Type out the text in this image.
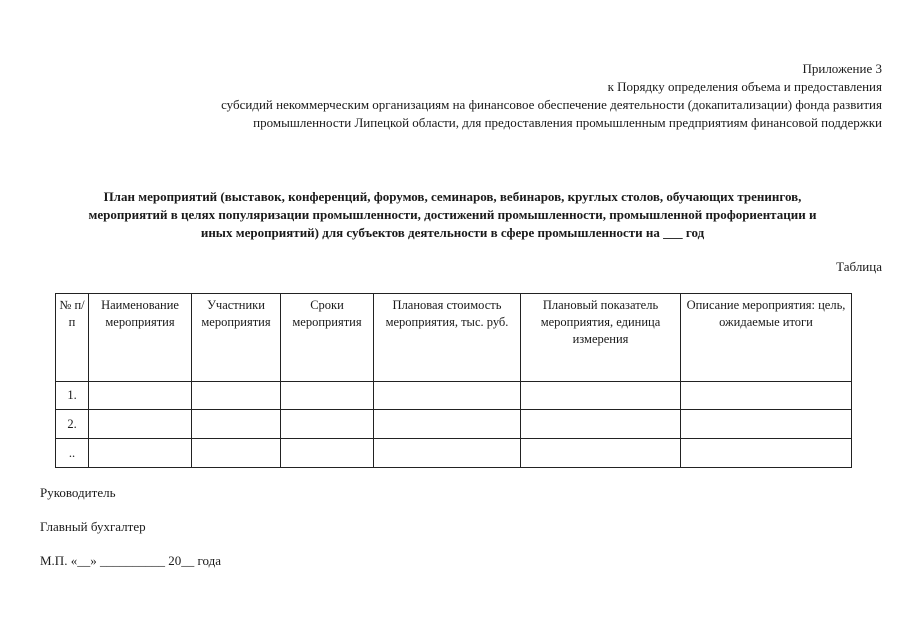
Приложение 3
к Порядку определения объема и предоставления
субсидий некоммерческим организациям на финансовое обеспечение деятельности (докапитализации) фонда развития
промышленности Липецкой области, для предоставления промышленным предприятиям финансовой поддержки
План мероприятий (выставок, конференций, форумов, семинаров, вебинаров, круглых столов, обучающих тренингов,
мероприятий в целях популяризации промышленности, достижений промышленности, промышленной профориентации и
иных мероприятий) для субъектов деятельности в сфере промышленности на ___ год
Таблица
№ п/п	Наименование мероприятия	Участники мероприятия	Сроки мероприятия	Плановая стоимость мероприятия, тыс. руб.	Плановый показатель мероприятия, единица измерения	Описание мероприятия: цель, ожидаемые итоги
1.						
2.						
..						
Руководитель
Главный бухгалтер
М.П. «__» __________ 20__ года
